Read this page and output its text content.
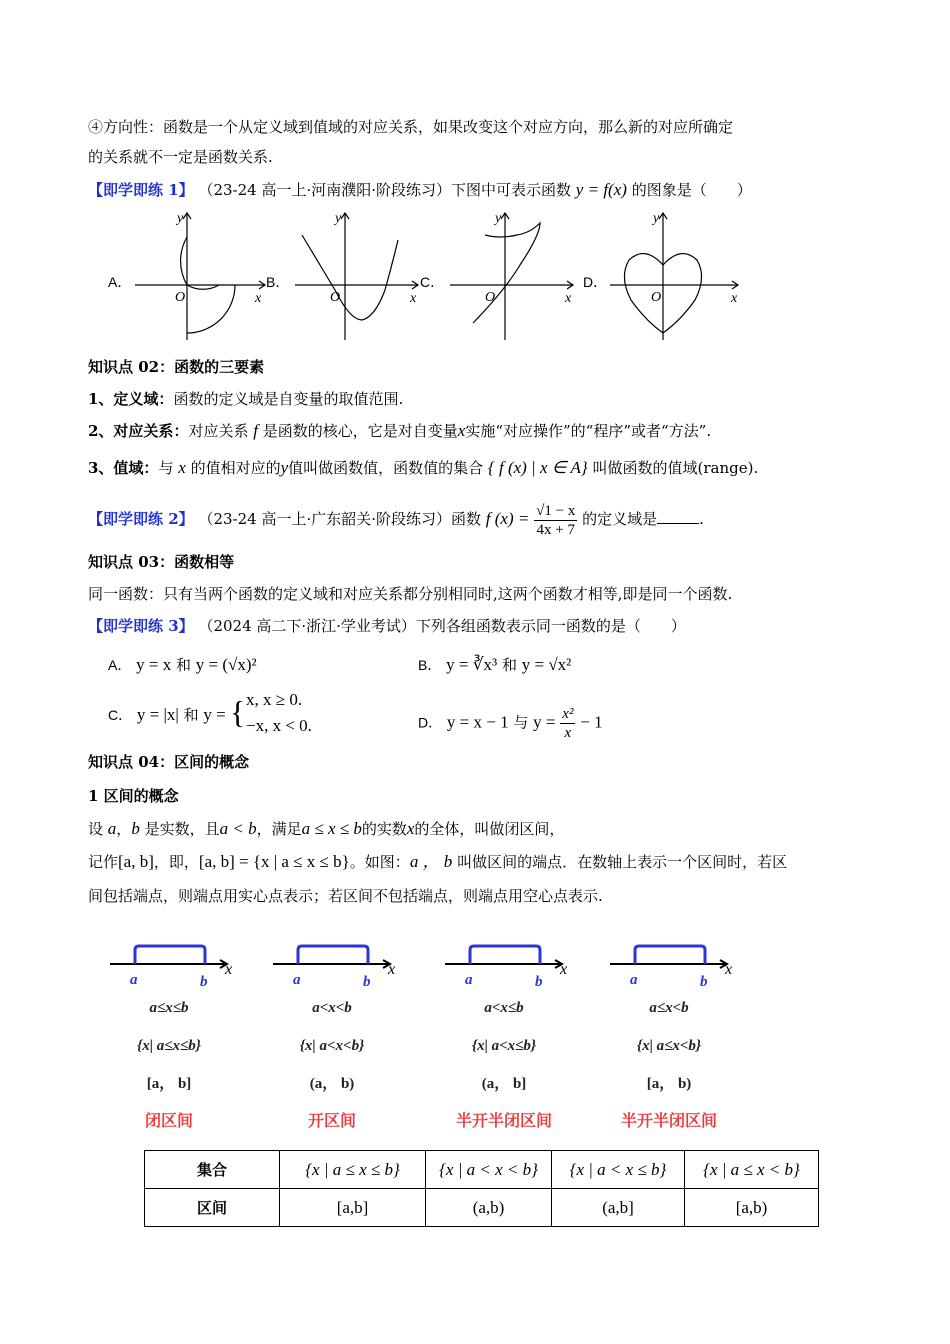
④方向性：函数是一个从定义域到值域的对应关系，如果改变这个对应方向，那么新的对应所确定
的关系就不一定是函数关系.
【即学即练 1】 （23-24 高一上·河南濮阳·阶段练习）下图中可表示函数 y = f(x) 的图象是（　　）
A．	B．	C．	D．
y
x
O
y
x
O
y
x
O
y
x
O
知识点 02：函数的三要素
1、定义域：函数的定义域是自变量的取值范围.
2、对应关系：对应关系 f 是函数的核心，它是对自变量x实施“对应操作”的“程序”或者“方法”.
3、值域：与 x 的值相对应的y值叫做函数值，函数值的集合 { f (x) | x ∈ A} 叫做函数的值域(range).
【即学即练 2】 （23-24 高一上·广东韶关·阶段练习）函数 f $(x) = \frac{√1 - x}{4x + 7}$ 的定义域是	.
知识点 03：函数相等
同一函数：只有当两个函数的定义域和对应关系都分别相同时,这两个函数才相等,即是同一个函数.
【即学即练 3】 （2024 高二下·浙江·学业考试）下列各组函数表示同一函数的是（　　）
A． y = x 和 y = (√x)²	B． y = ∛x³ 和 y = √x²
C． y = |x| 和 y = { x, x ≥ 0.
−x, x < 0.	D． y = x − 1 与 $y = \frac{\text{x²}}{x} - 1$
知识点 04：区间的概念
1 区间的概念
设 a，b 是实数，且a < b，满足a ≤ x ≤ b的实数x的全体，叫做闭区间，
记作[a, b]，即，[a, b] = {x | a ≤ x ≤ b}。如图：a ， b 叫做区间的端点．在数轴上表示一个区间时，若区
间包括端点，则端点用实心点表示；若区间不包括端点，则端点用空心点表示.
a	b
x
a≤x≤b
{x| a≤x≤b}
[a， b]
闭区间
a	b
x
a<x<b
{x| a<x<b}
(a， b)
开区间
a	b
x
a<x≤b
{x| a<x≤b}
(a， b]
半开半闭区间
a	b
x
a≤x<b
{x| a≤x<b}
[a， b)
半开半闭区间
集合	{x | a ≤ x ≤ b}	{x | a < x < b}	{x | a < x ≤ b}	{x | a ≤ x < b}
区间	[a,b]	(a,b)	(a,b]	[a,b)
